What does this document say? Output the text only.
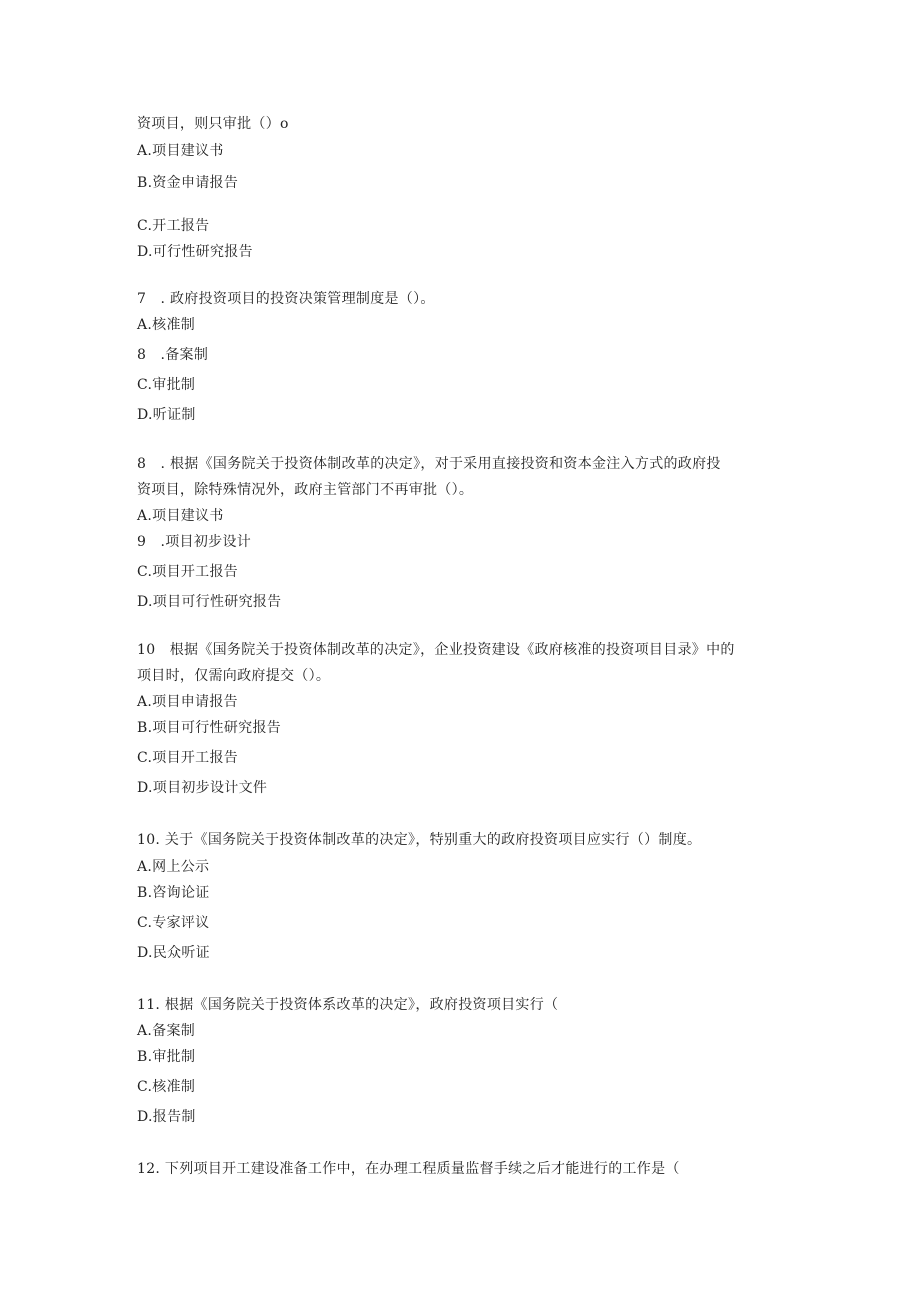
资项目，则只审批（）o
A.项目建议书
B.资金申请报告
C.开工报告
D.可行性研究报告
7　. 政府投资项目的投资决策管理制度是（）。
A.核准制
8　.备案制
C.审批制
D.听证制
8　. 根据《国务院关于投资体制改革的决定》，对于采用直接投资和资本金注入方式的政府投
资项目，除特殊情况外，政府主管部门不再审批（）。
A.项目建议书
9　.项目初步设计
C.项目开工报告
D.项目可行性研究报告
10　根据《国务院关于投资体制改革的决定》，企业投资建设《政府核准的投资项目目录》中的
项目时，仅需向政府提交（）。
A.项目申请报告
B.项目可行性研究报告
C.项目开工报告
D.项目初步设计文件
10. 关于《国务院关于投资体制改革的决定》，特别重大的政府投资项目应实行（）制度。
A.网上公示
B.咨询论证
C.专家评议
D.民众听证
11. 根据《国务院关于投资体系改革的决定》，政府投资项目实行（
A.备案制
B.审批制
C.核准制
D.报告制
12. 下列项目开工建设准备工作中，在办理工程质量监督手续之后才能进行的工作是（
